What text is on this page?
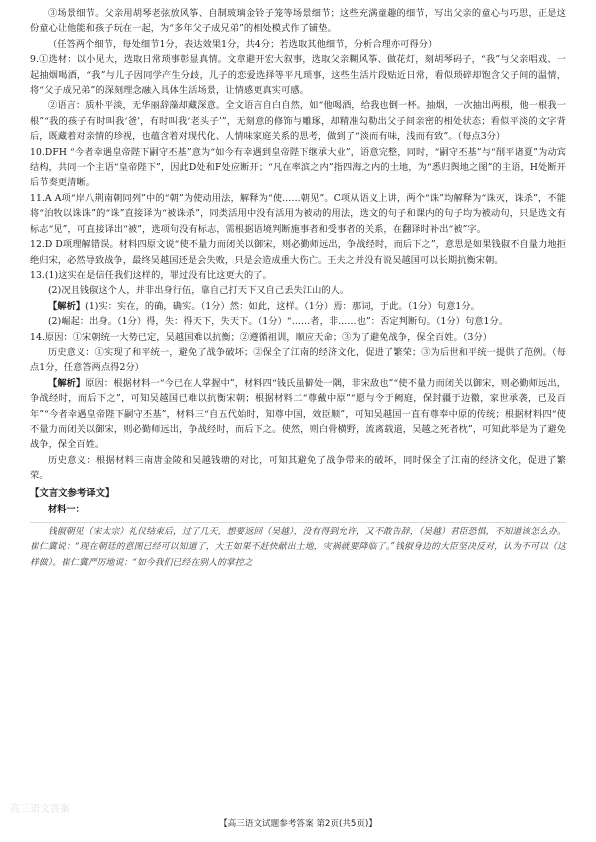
③场景细节。父亲用胡琴老弦放风筝、自制玻璃金铃子笼等场景细节；这些充满童趣的细节，写出父亲的童心与巧思，正是这份童心让他能和孩子玩在一起，为“多年父子成兄弟”的相处模式作了铺垫。

（任答两个细节，每处细节1分，表达效果1分，共4分；若选取其他细节，分析合理亦可得分）

9.①选材：以小见大，选取日常琐事彰显真情。文章避开宏大叙事，选取父亲糊风筝、做花灯，刻胡琴码子，“我”与父亲唱戏、一起抽烟喝酒，“我”与儿子因同学产生分歧，儿子的恋爱选择等平凡琐事，这些生活片段贴近日常，看似琐碎却饱含父子间的温情，将“父子成兄弟”的深刻理念融入具体生活场景，让情感更真实可感。

②语言：质朴平淡，无华丽辞藻却藏深意。全文语言自白自然，如“他喝酒，给我也倒一杯。抽烟，一次抽出两根，他一根我一根”“我的孩子有时叫我‘爸’，有时叫我‘老头子’”，无刻意的修饰与雕琢，却精准勾勒出父子间亲密的相处状态；看似平淡的文字背后，既藏着对亲情的珍视，也蕴含着对现代化、人情味家庭关系的思考，做到了“淡而有味，浅而有致”。（每点3分）

10.DFH “今者幸遇皇帝陛下嗣守丕基”意为“如今有幸遇到皇帝陛下继承大业”，语意完整，同时，“嗣守丕基”与“削平诸夏”为动宾结构，共同一个主语“皇帝陛下”，因此D处和F处应断开；“凡在率滨之内”指四海之内的土地，为“悉归舆地之图”的主语，H处断开后节奏更清晰。

11.A A项“岸八荆南朝同列”中的“朝”为使动用法，解释为“使……朝见”。C项从语义上讲，两个“诛”均解释为“诛灭，诛杀”，不能将“泊牧以诛诛”的“诛”直接译为“被诛杀”，同类活用中没有活用为被动的用法，选文的句子和课内的句子均为被动句，只是选文有标志“见”，可直接译出“被”，选项句没有标志，需根据语境判断施事者和受事者的关系，在翻译时补出“被”字。

12.D D项理解错误。材料四原文说“使不量力而闭关以御宋，则必勤师远出，争战经时，而后下之”，意思是如果钱俶不自量力地拒绝归宋，必然导致战争，最终吴越国还是会失败，只是会造成重大伤亡。王夫之并没有说吴越国可以长期抗衡宋朝。

13.(1)这实在是信任我们这样的，罪过没有比这更大的了。

(2)况且钱俶这个人，并非出身行伍，靠自己打天下又自己丢失江山的人。

【解析】(1)实：实在，的确，确实。（1分）然：如此，这样。（1分）焉：那词，于此。（1分）句意1分。

(2)崛起：出身。（1分）得，失：得天下，失天下。（1分）“……者，非……也”：否定判断句。（1分）句意1分。

14.原因：①宋朝统一大势已定，吴越国难以抗衡；②遵循祖训，顺应天命；③为了避免战争，保全百姓。（3分）

历史意义：①实现了和平统一，避免了战争破坏；②保全了江南的经济文化，促进了繁荣；③为后世和平统一提供了范例。（每点1分，任意答两点得2分）

【解析】原因：根据材料一“今已在人掌握中”，材料四“钱氏虽僻处一隅，非宋敌也”“使不量力而闭关以御宋，则必勤师远出，争战经时，而后下之”，可知吴越国已难以抗衡宋朝；根据材料二“尊戴中原”“愿与令于阙庭，保封疆于边徼，家世承袭，已及百年”“今者幸遇皇帝陛下嗣守丕基”，材料三“自五代始时，知尊中国，效臣顺”，可知吴越国一直有尊奉中原的传统；根据材料四“使不量力而闭关以御宋，则必勤师远出，争战经时，而后下之。使然，则白骨横野，流离载道，吴越之死者枕”，可知此举是为了避免战争，保全百姓。

历史意义：根据材料三南唐金陵和吴越钱塘的对比，可知其避免了战争带来的破坏，同时保全了江南的经济文化，促进了繁荣。

【文言文参考译文】

材料一：

钱俶朝见（宋太宗）礼仪结束后，过了几天，想要返回（吴越），没有得到允许，又不敢告辞，（吴越）君臣恐惧，不知道该怎么办。崔仁冀说：“现在朝廷的意图已经可以知道了，大王如果不赶快献出土地，灾祸就要降临了。”钱俶身边的大臣坚决反对，认为不可以（这样做）。崔仁冀严厉地说：“如今我们已经在别人的掌控之

高三语文答案
【高三语文试题参考答案 第2页(共5页)】
